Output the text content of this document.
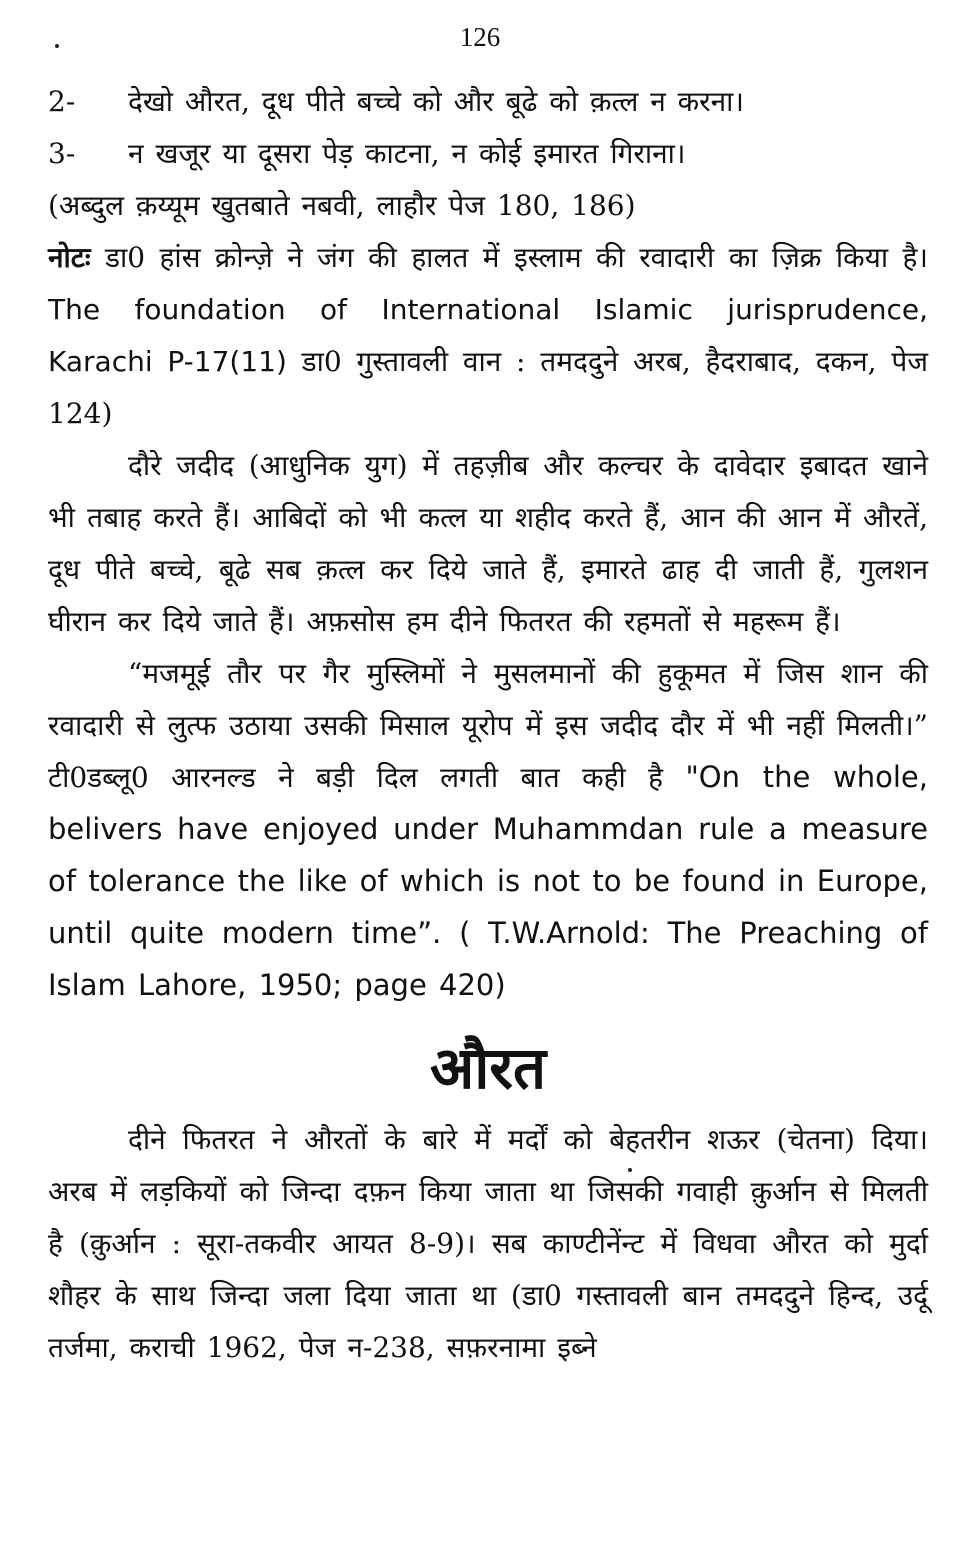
126

2- देखो औरत, दूध पीते बच्चे को और बूढे को क़त्ल न करना।

3- न खजूर या दूसरा पेड़ काटना, न कोई इमारत गिराना।

(अब्दुल क़य्यूम खुतबाते नबवी, लाहौर पेज 180, 186)

नोटः डा0 हांस क्रोन्ज़े ने जंग की हालत में इस्लाम की रवादारी का ज़िक्र किया है। The foundation of International Islamic jurisprudence, Karachi P-17(11) डा0 गुस्तावली वान : तमददुने अरब, हैदराबाद, दकन, पेज 124)

दौरे जदीद (आधुनिक युग) में तहज़ीब और कल्चर के दावेदार इबादत खाने भी तबाह करते हैं। आबिदों को भी कत्ल या शहीद करते हैं, आन की आन में औरतें, दूध पीते बच्चे, बूढे सब क़त्ल कर दिये जाते हैं, इमारते ढाह दी जाती हैं, गुलशन घीरान कर दिये जाते हैं। अफ़सोस हम दीने फितरत की रहमतों से महरूम हैं।

“मजमूई तौर पर गैर मुस्लिमों ने मुसलमानों की हुकूमत में जिस शान की रवादारी से लुत्फ उठाया उसकी मिसाल यूरोप में इस जदीद दौर में भी नहीं मिलती।” टी0डब्लू0 आरनल्ड ने बड़ी दिल लगती बात कही है "On the whole, belivers have enjoyed under Muhammdan rule a measure of tolerance the like of which is not to be found in Europe, until quite modern time”. ( T.W.Arnold: The Preaching of Islam Lahore, 1950; page 420)

औरत

दीने फितरत ने औरतों के बारे में मर्दों को बेहतरीन शऊर (चेतना) दिया। अरब में लड़कियों को जिन्दा दफ़न किया जाता था जिसकी गवाही क़ुर्आन से मिलती है (क़ुर्आन : सूरा-तकवीर आयत 8-9)। सब काण्टीनेंन्ट में विधवा औरत को मुर्दा शौहर के साथ जिन्दा जला दिया जाता था (डा0 गस्तावली बान तमददुने हिन्द, उर्दू तर्जमा, कराची 1962, पेज न-238, सफ़रनामा इब्ने
